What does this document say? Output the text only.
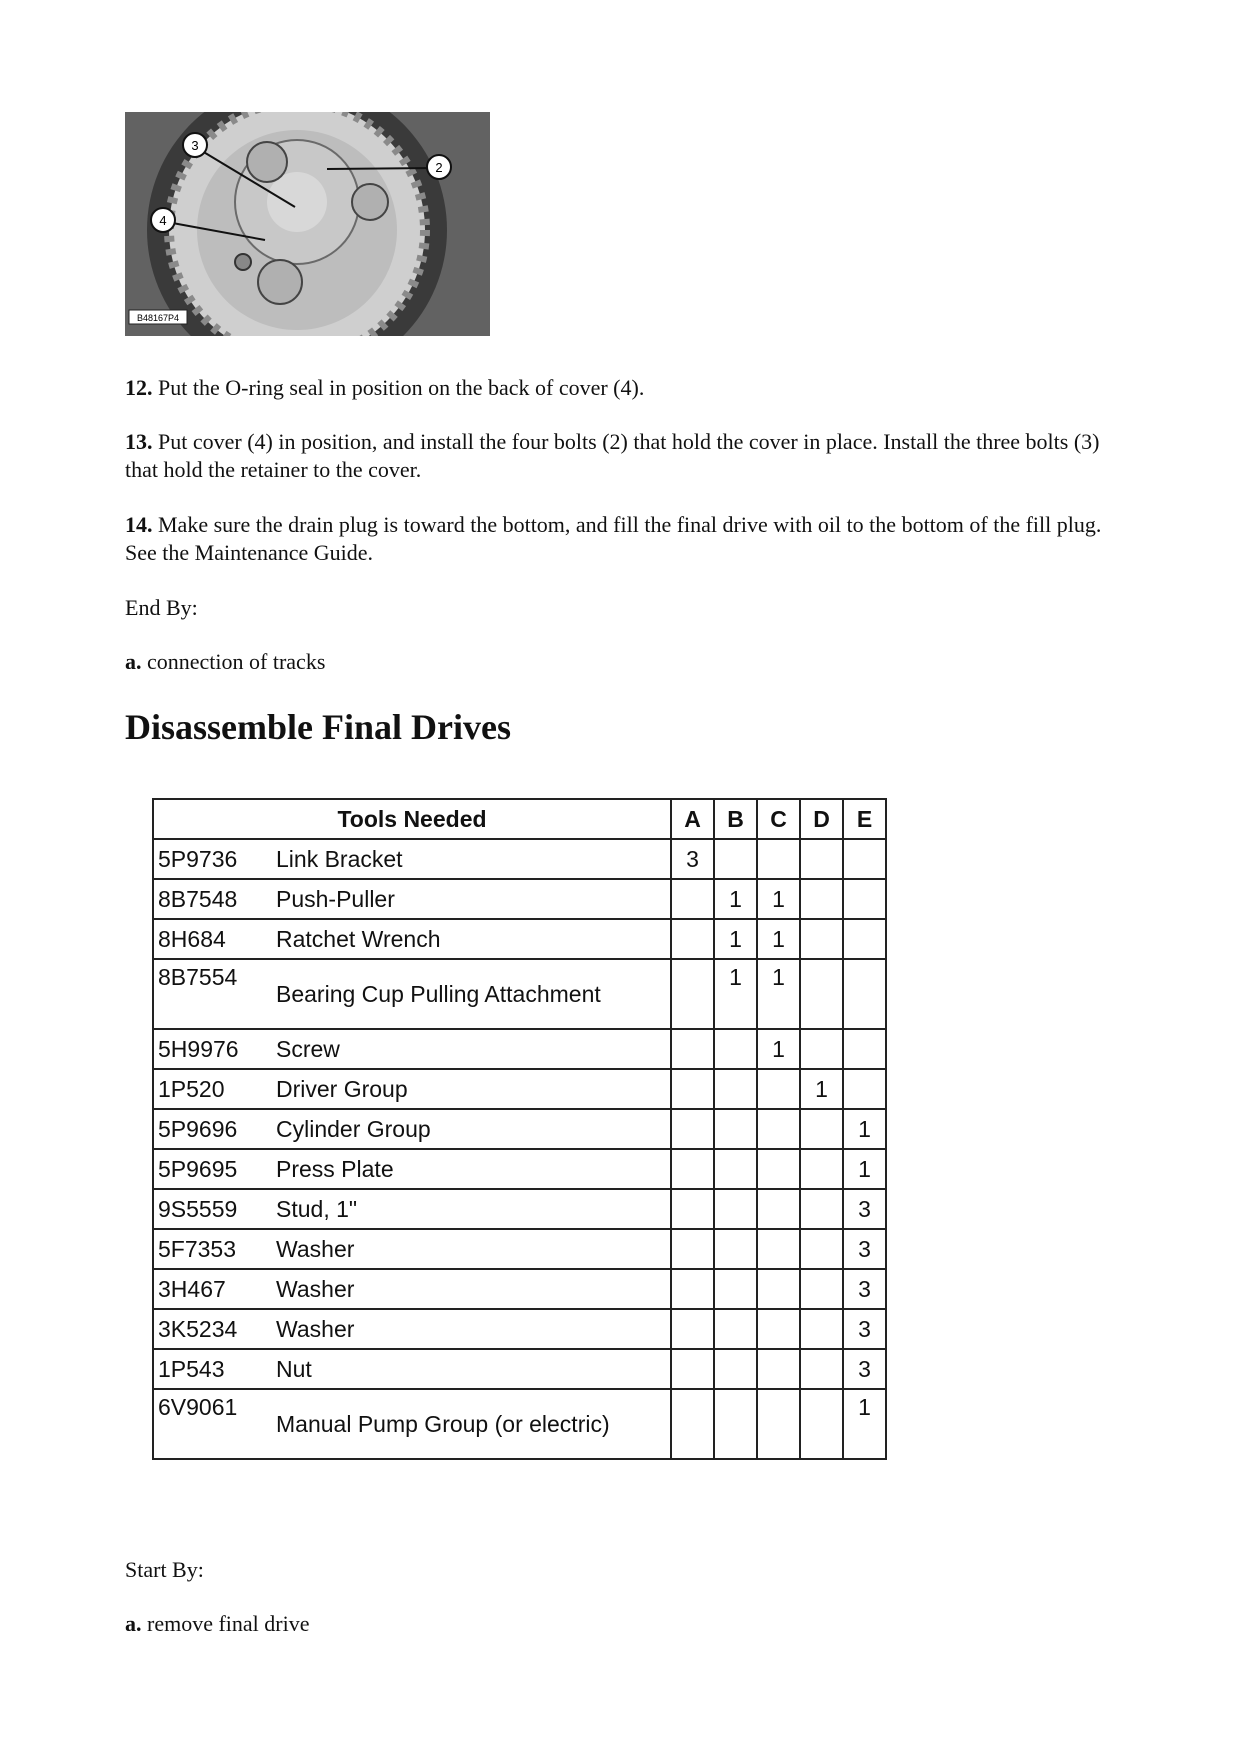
3
2
4
B48167P4

12. Put the O-ring seal in position on the back of cover (4).

13. Put cover (4) in position, and install the four bolts (2) that hold the cover in place. Install the three bolts (3) that hold the retainer to the cover.

14. Make sure the drain plug is toward the bottom, and fill the final drive with oil to the bottom of the fill plug. See the Maintenance Guide.

End By:

a. connection of tracks

Disassemble Final Drives
Tools Needed		A	B	C	D	E
5P9736	Link Bracket	3				
8B7548	Push-Puller		1	1		
8H684	Ratchet Wrench		1	1		
8B7554	Bearing Cup Pulling Attachment		1	1		
5H9976	Screw			1		
1P520	Driver Group				1	
5P9696	Cylinder Group					1
5P9695	Press Plate					1
9S5559	Stud, 1"					3
5F7353	Washer					3
3H467	Washer					3
3K5234	Washer					3
1P543	Nut					3
6V9061	Manual Pump Group (or electric)					1

Start By:

a. remove final drive
